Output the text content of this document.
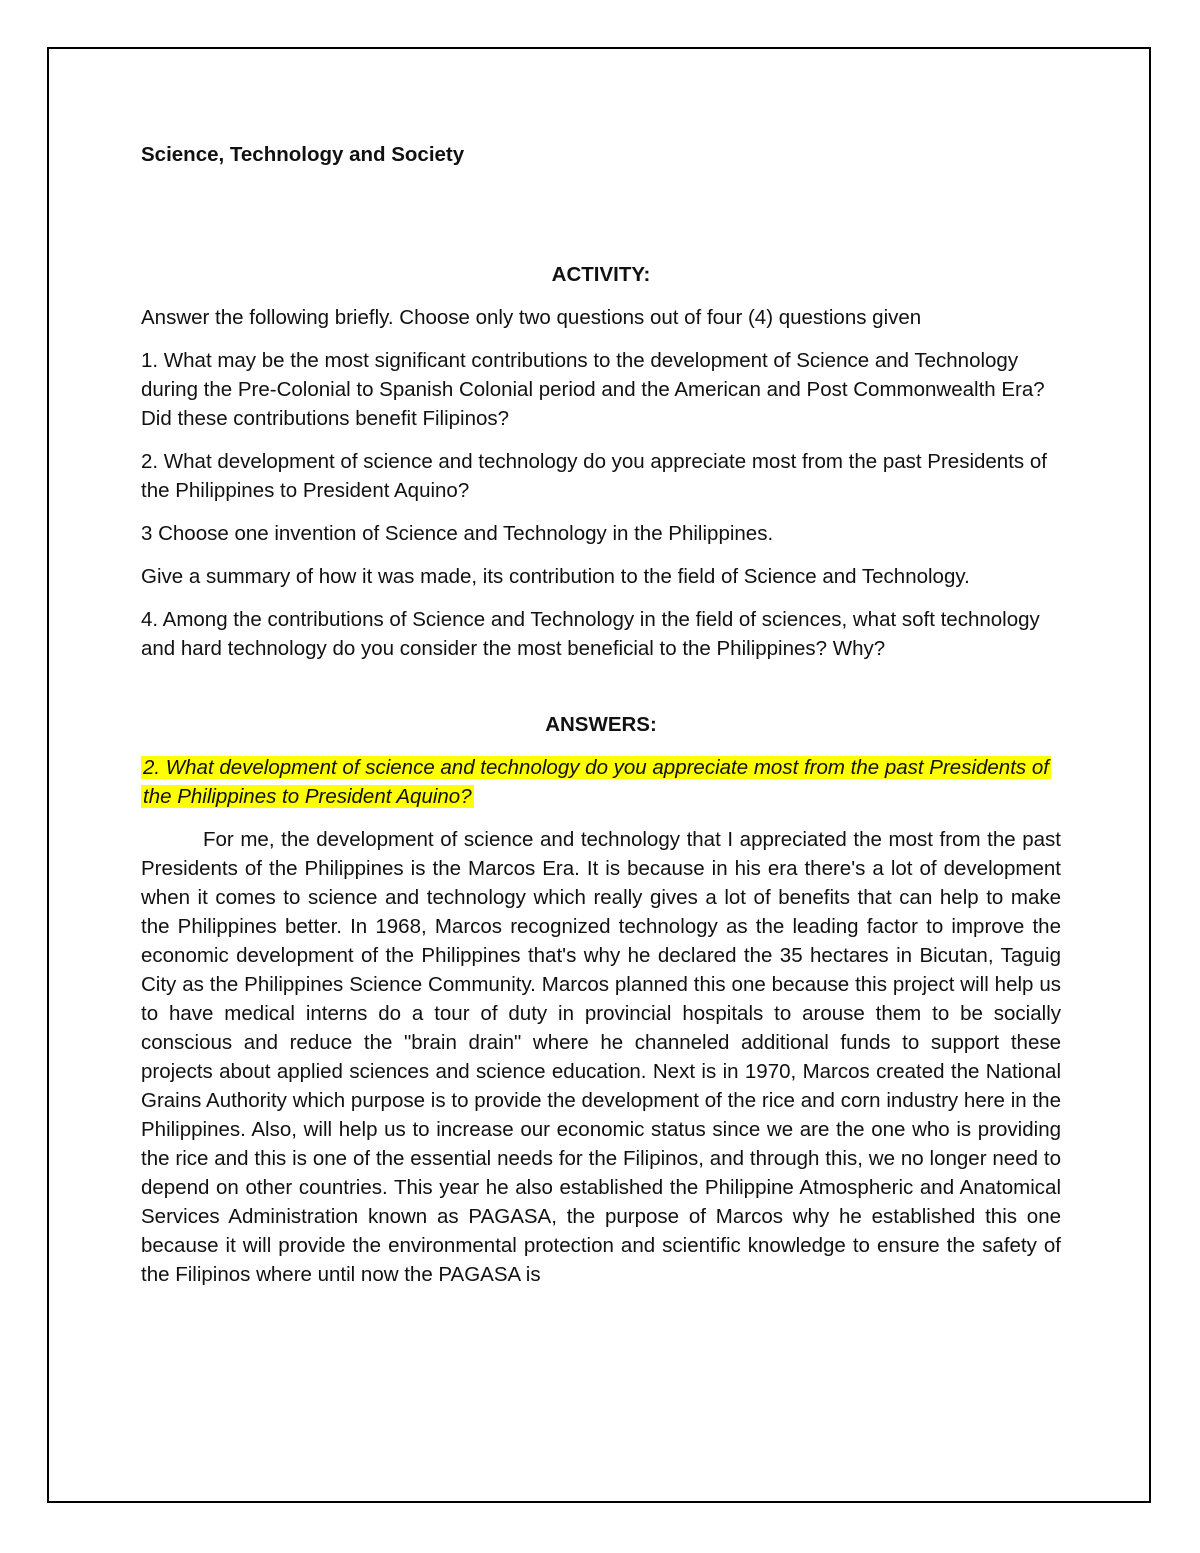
Science, Technology and Society
ACTIVITY:

Answer the following briefly. Choose only two questions out of four (4) questions given

1. What may be the most significant contributions to the development of Science and Technology during the Pre-Colonial to Spanish Colonial period and the American and Post Commonwealth Era? Did these contributions benefit Filipinos?

2. What development of science and technology do you appreciate most from the past Presidents of the Philippines to President Aquino?

3 Choose one invention of Science and Technology in the Philippines.

Give a summary of how it was made, its contribution to the field of Science and Technology.

4. Among the contributions of Science and Technology in the field of sciences, what soft technology and hard technology do you consider the most beneficial to the Philippines? Why?

ANSWERS:

2. What development of science and technology do you appreciate most from the past Presidents of the Philippines to President Aquino?

For me, the development of science and technology that I appreciated the most from the past Presidents of the Philippines is the Marcos Era. It is because in his era there's a lot of development when it comes to science and technology which really gives a lot of benefits that can help to make the Philippines better. In 1968, Marcos recognized technology as the leading factor to improve the economic development of the Philippines that's why he declared the 35 hectares in Bicutan, Taguig City as the Philippines Science Community. Marcos planned this one because this project will help us to have medical interns do a tour of duty in provincial hospitals to arouse them to be socially conscious and reduce the "brain drain" where he channeled additional funds to support these projects about applied sciences and science education. Next is in 1970, Marcos created the National Grains Authority which purpose is to provide the development of the rice and corn industry here in the Philippines. Also, will help us to increase our economic status since we are the one who is providing the rice and this is one of the essential needs for the Filipinos, and through this, we no longer need to depend on other countries. This year he also established the Philippine Atmospheric and Anatomical Services Administration known as PAGASA, the purpose of Marcos why he established this one because it will provide the environmental protection and scientific knowledge to ensure the safety of the Filipinos where until now the PAGASA is
